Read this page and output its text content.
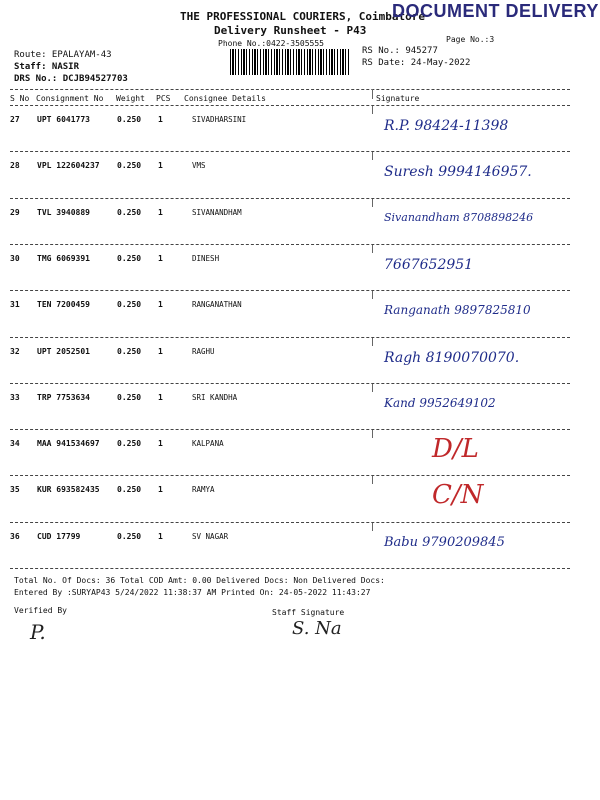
THE PROFESSIONAL COURIERS, Coimbatore
DOCUMENT DELIVERY
Delivery Runsheet - P43
Phone No.:0422-3505555	Page No.:3
Route: EPALAYAM-43
Staff: NASIR
DRS No.: DCJB94527703
RS No.: 945277
RS Date: 24-May-2022
S No Consignment No Weight PCS Consignee Details	Signature
27 UPT 6041773	0.250 1	SIVADHARSINI	R.P. 98424-11398
28 VPL 122604237 0.250 1	VMS	Suresh 9994146957.
29 TVL 3940889	0.250 1	SIVANANDHAM	Sivanandham 8708898246
30 TMG 6069391	0.250 1	DINESH	7667652951
31 TEN 7200459	0.250 1	RANGANATHAN	Ranganath 9897825810
32 UPT 2052501	0.250 1	RAGHU	Ragh 8190070070.
33 TRP 7753634	0.250 1	SRI KANDHA	Kand 9952649102
34 MAA 941534697 0.250 1	KALPANA	D/L
35 KUR 693582435 0.250 1	RAMYA	C/N
36 CUD 17799	0.250 1	SV NAGAR	Babu 9790209845
Total No. Of Docs: 36 Total COD Amt: 0.00 Delivered Docs: Non Delivered Docs:
Entered By :SURYAP43 5/24/2022 11:38:37 AM Printed On: 24-05-2022 11:43:27
Verified By
P.
Staff Signature
S. Na
